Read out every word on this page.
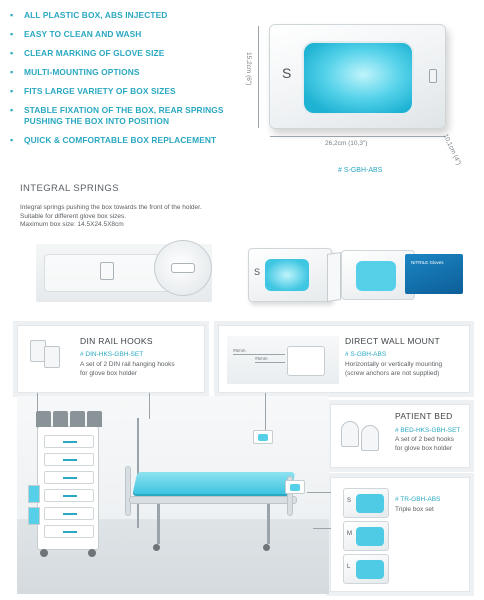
▪ ALL PLASTIC BOX, ABS INJECTED
▪ EASY TO CLEAN AND WASH
▪ CLEAR MARKING OF GLOVE SIZE
▪ MULTI-MOUNTING OPTIONS
▪ FITS LARGE VARIETY OF BOX SIZES
▪ STABLE FIXATION OF THE BOX, REAR SPRINGS PUSHING THE BOX INTO POSITION
▪ QUICK & COMFORTABLE BOX REPLACEMENT
15,2cm (6") S
26,2cm (10,3")	10,1cm (4")
# S-GBH-ABS
INTEGRAL SPRINGS
Integral springs pushing the box towards the front of the holder.
Suitable for different glove box sizes.
Maximum box size: 14.5X24.5X8cm
S
NITRILE Gloves
DIN RAIL HOOKS
# DIN-HKS-GBH-SET
A set of 2 DIN rail hanging hooks
for glove box holder
#5mm
#5mm
DIRECT WALL MOUNT
# S-GBH-ABS
Horizontally or vertically mounting
(screw anchors are not supplied)
PATIENT BED
# BED-HKS-GBH-SET
A set of 2 bed hooks
for glove box holder
S
M
L
# TR-GBH-ABS
Triple box set
